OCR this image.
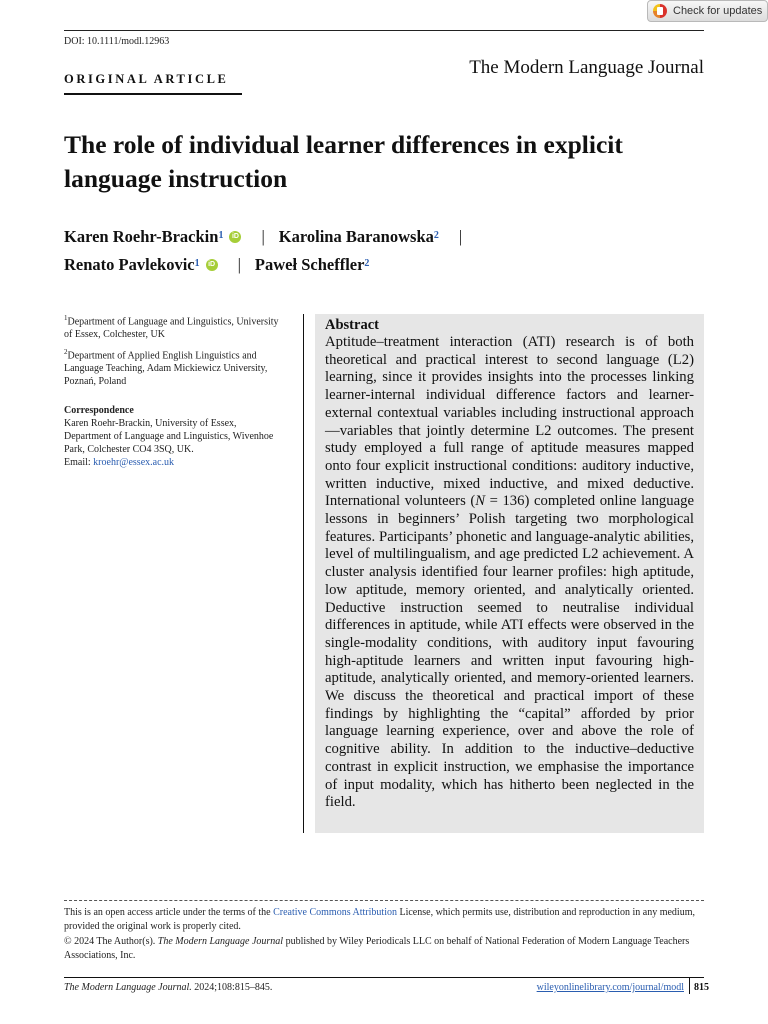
Check for updates
DOI: 10.1111/modl.12963
The Modern Language Journal
ORIGINAL ARTICLE
The role of individual learner differences in explicit language instruction
Karen Roehr-Brackin$^1$	iD | Karolina Baranowska$^2$ |
Renato Pavlekovic$^1$	iD | Paweł Scheffler$^2$
$^1$Department of Language and Linguistics, University of Essex, Colchester, UK
$^2$Department of Applied English Linguistics and Language Teaching, Adam Mickiewicz University, Poznań, Poland
Correspondence
Karen Roehr-Brackin, University of Essex, Department of Language and Linguistics, Wivenhoe Park, Colchester CO4 3SQ, UK.
Email: kroehr@essex.ac.uk
Abstract

Aptitude–treatment interaction (ATI) research is of both theoretical and practical interest to second language (L2) learning, since it provides insights into the processes linking learner-internal individual difference factors and learner-external contextual variables including instructional approach—variables that jointly determine L2 outcomes. The present study employed a full range of aptitude measures mapped onto four explicit instructional conditions: auditory inductive, written inductive, mixed inductive, and mixed deductive. International volunteers (N = 136) completed online language lessons in beginners’ Polish targeting two morphological features. Participants’ phonetic and language-analytic abilities, level of multilingualism, and age predicted L2 achievement. A cluster analysis identified four learner profiles: high aptitude, low aptitude, memory oriented, and analytically oriented. Deductive instruction seemed to neutralise individual differences in aptitude, while ATI effects were observed in the single-modality conditions, with auditory input favouring high-aptitude learners and written input favouring high-aptitude, analytically oriented, and memory-oriented learners. We discuss the theoretical and practical import of these findings by highlighting the “capital” afforded by prior language learning experience, over and above the role of cognitive ability. In addition to the inductive–deductive contrast in explicit instruction, we emphasise the importance of input modality, which has hitherto been neglected in the field.

This is an open access article under the terms of the Creative Commons Attribution License, which permits use, distribution and reproduction in any medium, provided the original work is properly cited.
© 2024 The Author(s). The Modern Language Journal published by Wiley Periodicals LLC on behalf of National Federation of Modern Language Teachers Associations, Inc.
The Modern Language Journal. 2024;108:815–845.	wileyonlinelibrary.com/journal/modl 815
